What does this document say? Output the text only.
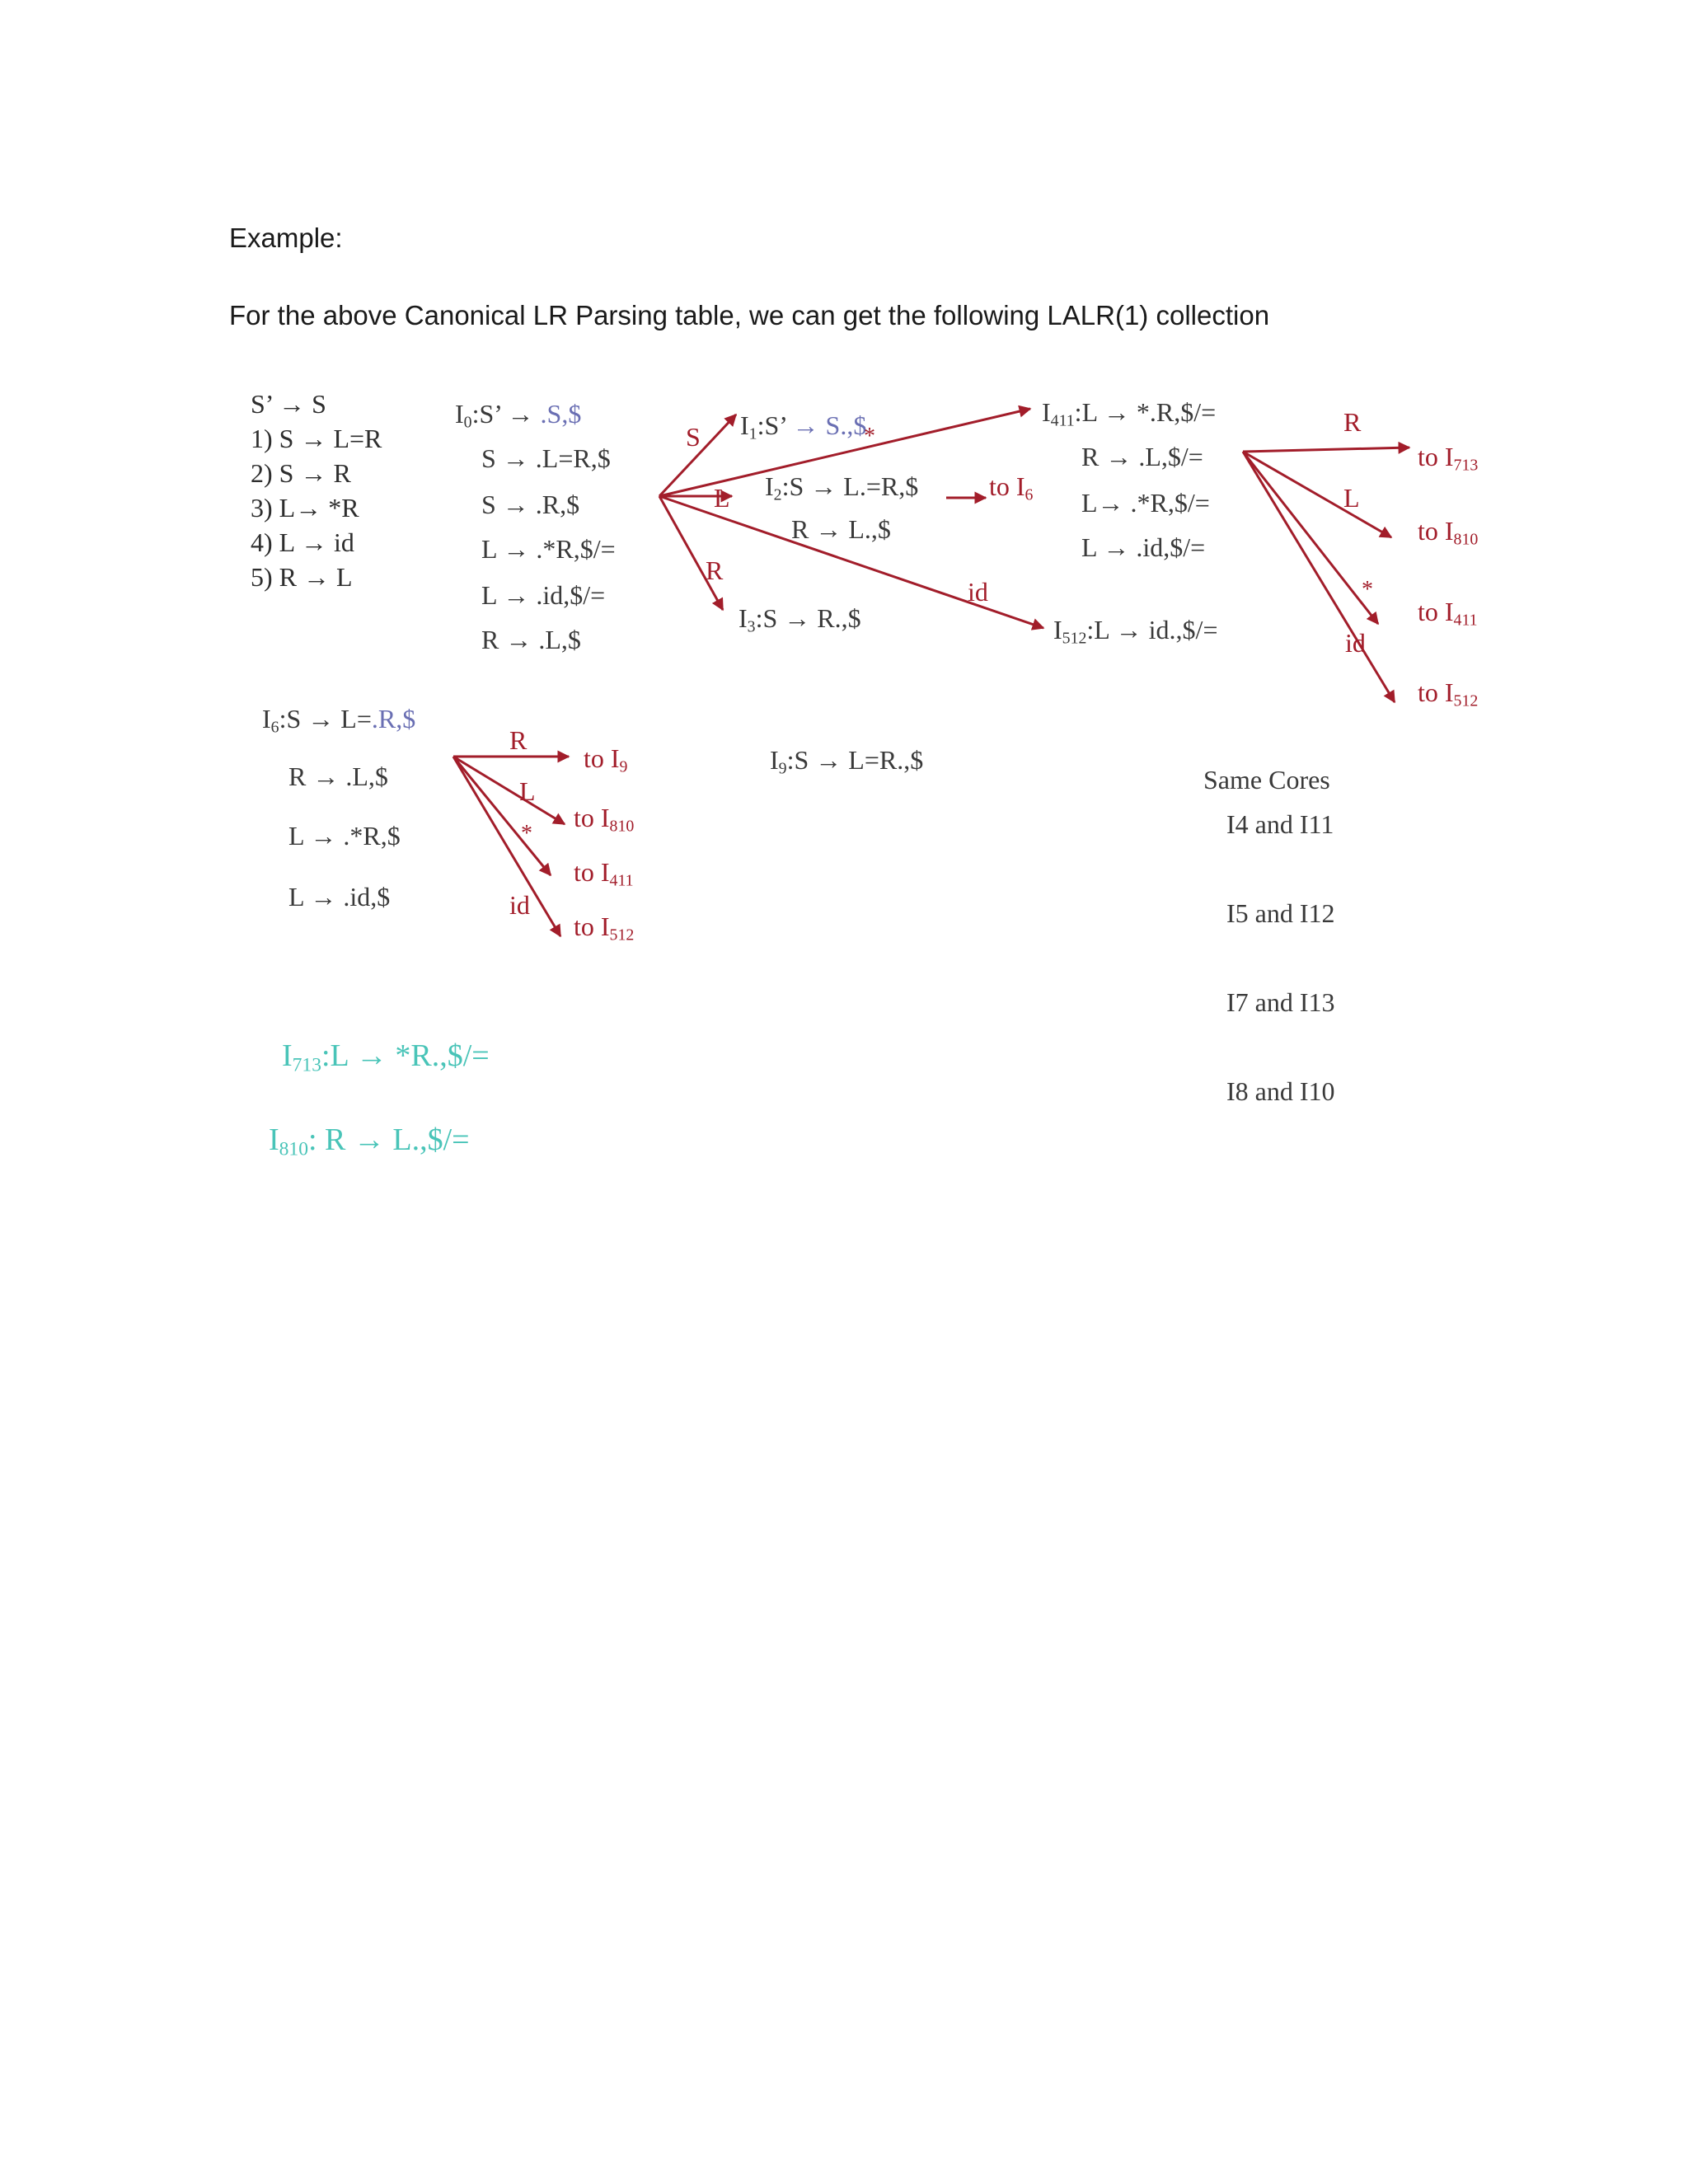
Example:
For the above Canonical LR Parsing table, we can get the following LALR(1) collection
S’ → S
1) S → L=R
2) S → R
3) L→ *R
4) L → id
5) R → L
$I_0:S$’ → .S,$
S → .L=R,$
S → .R,$
L → .*R,$/=
L → .id,$/=
R → .L,$
$I_1:S$’ → S.,$
$I_2:S$ → L.=R,$
R → L.,$
$I_3:S$ → R.,$
$I_{411}:L$ → *.R,$/=
R → .L,$/=
L→ .*R,$/=
L → .id,$/=
$I_{512}:L$ → id.,$/=
S	*
L
R
id
to $I_6$
R
L
*
id
to $I_{713}$
to $I_{810}$
to $I_{411}$
to $I_{512}$
$I_6:S$ → L=.R,$
R → .L,$
L → .*R,$
L → .id,$
R
L
*
id
to $I_9$
to $I_{810}$
to $I_{411}$
to $I_{512}$
$I_9:S$ → L=R.,$
Same Cores
I4 and I11
I5 and I12
I7 and I13
I8 and I10
$I_{713}:L$ → *R.,$/=
$I_{810}$: R → L.,$/=
